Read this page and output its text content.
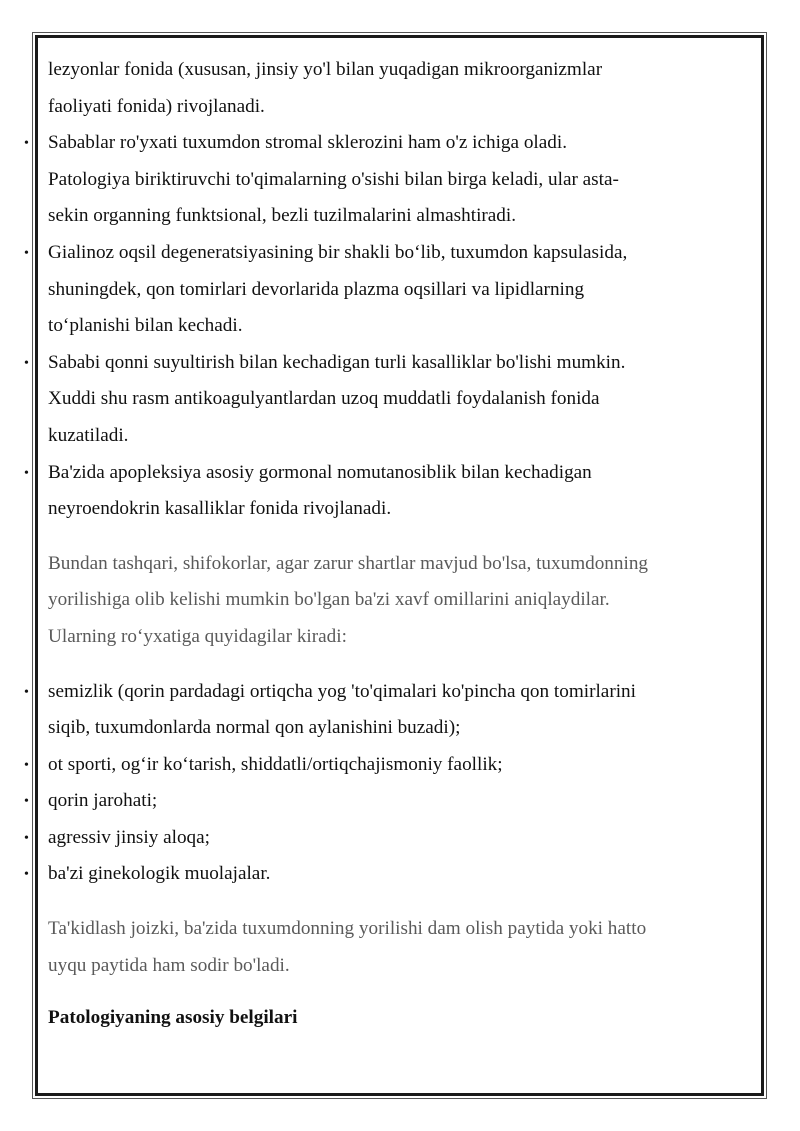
lezyonlar fonida (xususan, jinsiy yo'l bilan yuqadigan mikroorganizmlar
faoliyati fonida) rivojlanadi.
• Sabablar ro'yxati tuxumdon stromal sklerozini ham o'z ichiga oladi.
Patologiya biriktiruvchi to'qimalarning o'sishi bilan birga keladi, ular asta-
sekin organning funktsional, bezli tuzilmalarini almashtiradi.
• Gialinoz oqsil degeneratsiyasining bir shakli bo‘lib, tuxumdon kapsulasida,
shuningdek, qon tomirlari devorlarida plazma oqsillari va lipidlarning
to‘planishi bilan kechadi.
• Sababi qonni suyultirish bilan kechadigan turli kasalliklar bo'lishi mumkin.
Xuddi shu rasm antikoagulyantlardan uzoq muddatli foydalanish fonida
kuzatiladi.
• Ba'zida apopleksiya asosiy gormonal nomutanosiblik bilan kechadigan
neyroendokrin kasalliklar fonida rivojlanadi.
Bundan tashqari, shifokorlar, agar zarur shartlar mavjud bo'lsa, tuxumdonning
yorilishiga olib kelishi mumkin bo'lgan ba'zi xavf omillarini aniqlaydilar.
Ularning ro‘yxatiga quyidagilar kiradi:
• semizlik (qorin pardadagi ortiqcha yog 'to'qimalari ko'pincha qon tomirlarini
siqib, tuxumdonlarda normal qon aylanishini buzadi);
• ot sporti, og‘ir ko‘tarish, shiddatli/ortiqchajismoniy faollik;
• qorin jarohati;
• agressiv jinsiy aloqa;
• ba'zi ginekologik muolajalar.
Ta'kidlash joizki, ba'zida tuxumdonning yorilishi dam olish paytida yoki hatto
uyqu paytida ham sodir bo'ladi.
Patologiyaning asosiy belgilari
